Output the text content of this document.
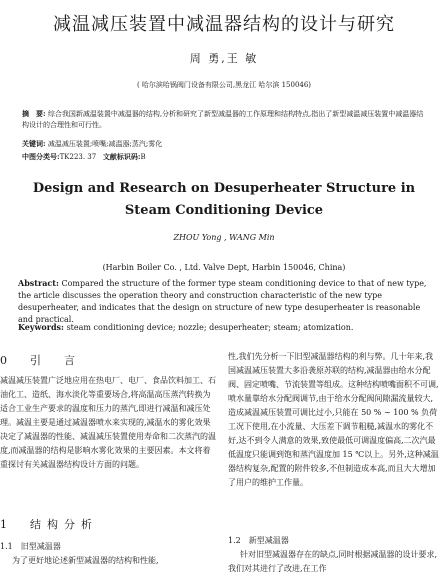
减温减压装置中减温器结构的设计与研究
周 勇,王 敏
( 哈尔滨哈锅阀门设备有限公司,黑龙江 哈尔滨 150046)
摘　要: 综合我国新减温装置中减温器的结构,分析和研究了新型减温器的工作原理和结构特点,指出了新型减温减压装置中减温器结构设计的合理性和可行性。
关键词: 减温减压装置;喷嘴;减温器;蒸汽;雾化
中图分类号:TK223. 37 文献标识码:B
Design and Research on Desuperheater Structure in
Steam Conditioning Device
ZHOU Yong , WANG Min
(Harbin Boiler Co. , Ltd. Valve Dept, Harbin 150046, China)
Abstract: Compared the structure of the former type steam conditioning device to that of new type, the article discusses the operation theory and construction characteristic of the new type desuperheater, and indicates that the design on structure of new type desuperheater is reasonable and practical.
Keywords: steam conditioning device; nozzle; desuperheater; steam; atomization.
0　引　言
减温减压装置广泛地应用在热电厂、电厂、食品饮料加工、石油化工、造纸、海水淡化等重要场合,将高温高压蒸汽转换为适合工业生产要求的温度和压力的蒸汽,即进行减温和减压处理。减温主要是通过减温器喷水来实现的,减温水的雾化效果决定了减温器的性能、减温减压装置使用寿命和二次蒸汽的温度,而减温器的结构是影响水雾化效果的主要因素。本文将着重探讨有关减温器结构设计方面的问题。
1　结构分析
1.1　旧型减温器
为了更好地论述新型减温器的结构和性能,
性,我们先分析一下旧型减温器结构的利与弊。几十年来,我国减温减压装置大多沿袭原苏联的结构,减温器由给水分配阀、固定喷嘴、节流装置等组成。这种结构喷嘴面积不可调,喷水量靠给水分配阀调节,由于给水分配阀间隙漏流量较大,造成减温减压装置可调比过小,只能在 50 % ~ 100 % 负荷工况下使用,在小流量、大压差下调节粗糙,减温水的雾化不好,达不到令人满意的效果,致使最低可调温度偏高,二次汽最低温度只能调到饱和蒸汽温度加 15 ℃以上。另外,这种减温器结构复杂,配置的附件较多,不但制造成本高,而且大大增加了用户的维护工作量。
1.2　新型减温器
针对旧型减温器存在的缺点,同时根据减温器的设计要求,我们对其进行了改进,在工作
